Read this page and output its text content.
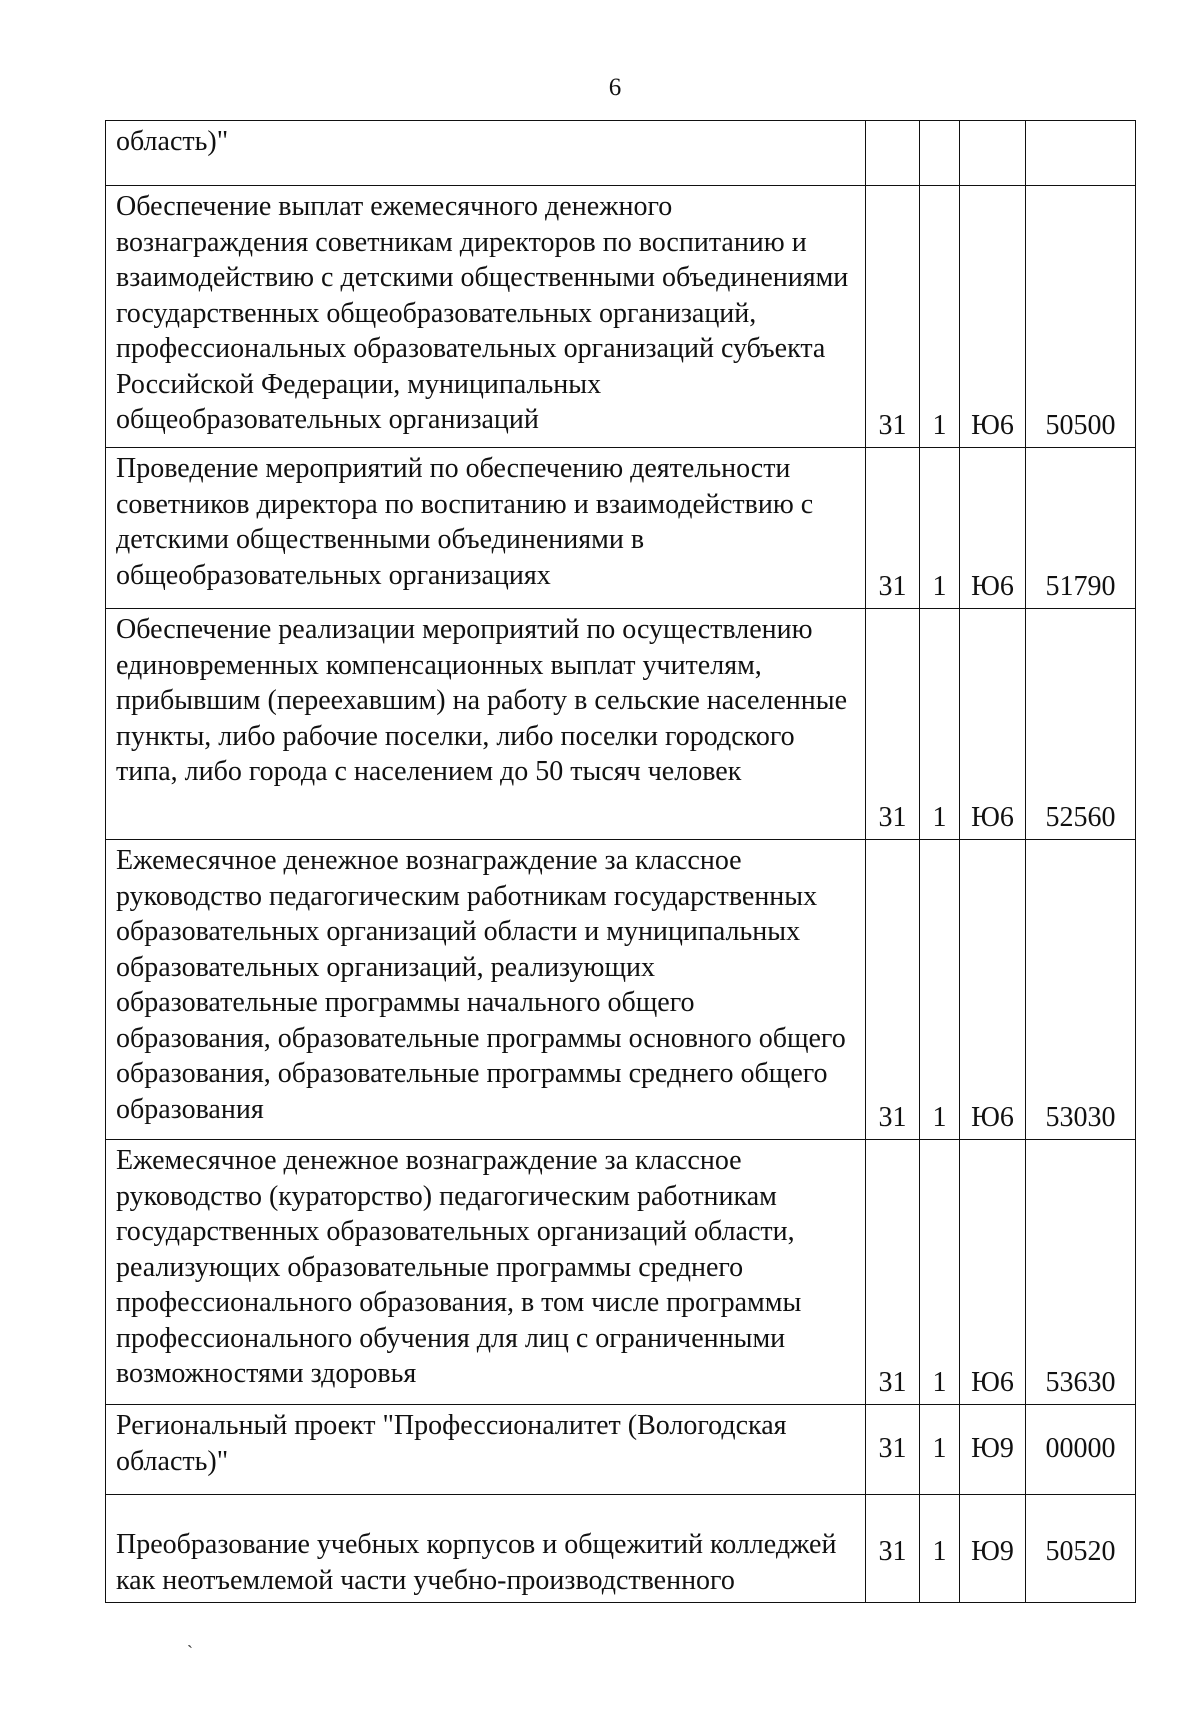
6
область)"				
Обеспечение выплат ежемесячного денежного вознаграждения советникам директоров по воспитанию и взаимодействию с детскими общественными объединениями государственных общеобразовательных организаций, профессиональных образовательных организаций субъекта Российской Федерации, муниципальных общеобразовательных организаций	31	1	Ю6	50500
Проведение мероприятий по обеспечению деятельности советников директора по воспитанию и взаимодействию с детскими общественными объединениями в общеобразовательных организациях	31	1	Ю6	51790
Обеспечение реализации мероприятий по осуществлению единовременных компенсационных выплат учителям, прибывшим (переехавшим) на работу в сельские населенные пункты, либо рабочие поселки, либо поселки городского типа, либо города с населением до 50 тысяч человек	31	1	Ю6	52560
Ежемесячное денежное вознаграждение за классное руководство педагогическим работникам государственных образовательных организаций области и муниципальных образовательных организаций, реализующих образовательные программы начального общего образования, образовательные программы основного общего образования, образовательные программы среднего общего образования	31	1	Ю6	53030
Ежемесячное денежное вознаграждение за классное руководство (кураторство) педагогическим работникам государственных образовательных организаций области, реализующих образовательные программы среднего профессионального образования, в том числе программы профессионального обучения для лиц с ограниченными возможностями здоровья	31	1	Ю6	53630
Региональный проект "Профессионалитет (Вологодская область)"	31	1	Ю9	00000
Преобразование учебных корпусов и общежитий колледжей как неотъемлемой части учебно-производственного	31	1	Ю9	50520
ˎ
